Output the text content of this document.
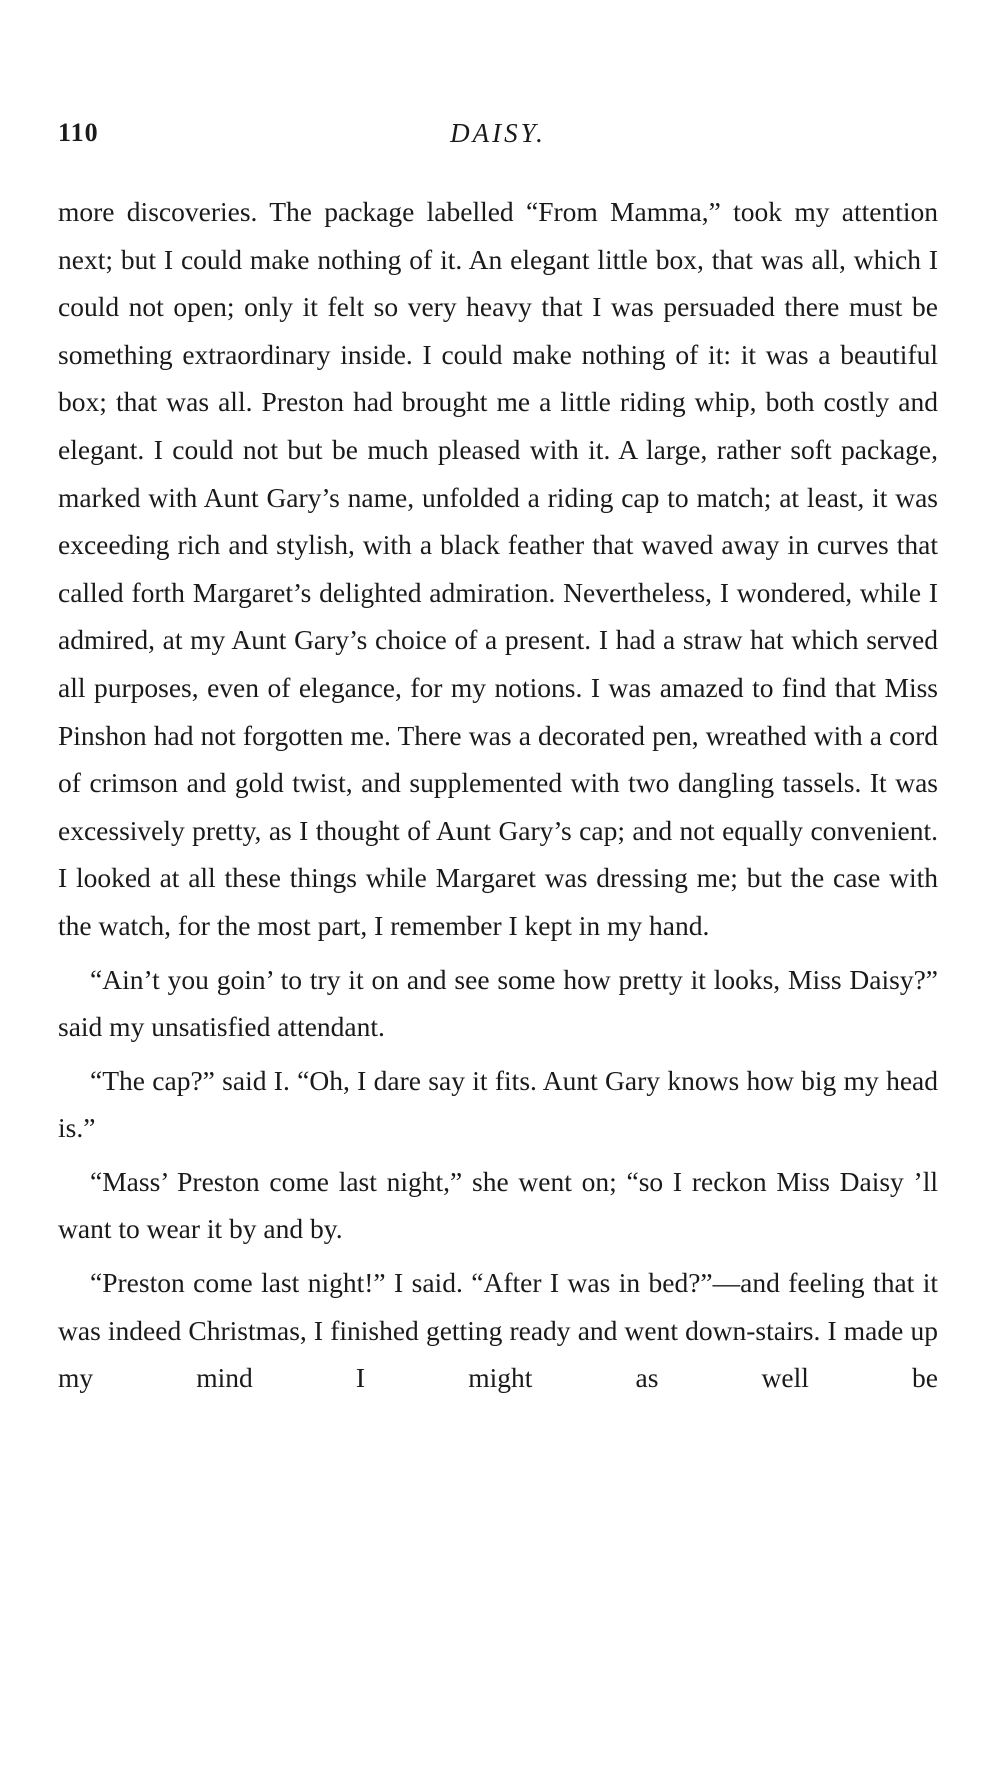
110	DAISY.

more discoveries. The package labelled “From Mamma,” took my attention next; but I could make nothing of it. An elegant little box, that was all, which I could not open; only it felt so very heavy that I was persuaded there must be something extraordinary inside. I could make nothing of it: it was a beautiful box; that was all. Preston had brought me a little riding whip, both costly and elegant. I could not but be much pleased with it. A large, rather soft package, marked with Aunt Gary’s name, unfolded a riding cap to match; at least, it was exceeding rich and stylish, with a black feather that waved away in curves that called forth Margaret’s delighted admiration. Nevertheless, I wondered, while I admired, at my Aunt Gary’s choice of a present. I had a straw hat which served all purposes, even of elegance, for my notions. I was amazed to find that Miss Pinshon had not forgotten me. There was a decorated pen, wreathed with a cord of crimson and gold twist, and supplemented with two dangling tassels. It was excessively pretty, as I thought of Aunt Gary’s cap; and not equally convenient. I looked at all these things while Margaret was dressing me; but the case with the watch, for the most part, I remember I kept in my hand.

“Ain’t you goin’ to try it on and see some how pretty it looks, Miss Daisy?” said my unsatisfied attendant.

“The cap?” said I. “Oh, I dare say it fits. Aunt Gary knows how big my head is.”

“Mass’ Preston come last night,” she went on; “so I reckon Miss Daisy ’ll want to wear it by and by.

“Preston come last night!” I said. “After I was in bed?”—and feeling that it was indeed Christmas, I finished getting ready and went down-stairs. I made up my mind I might as well be
